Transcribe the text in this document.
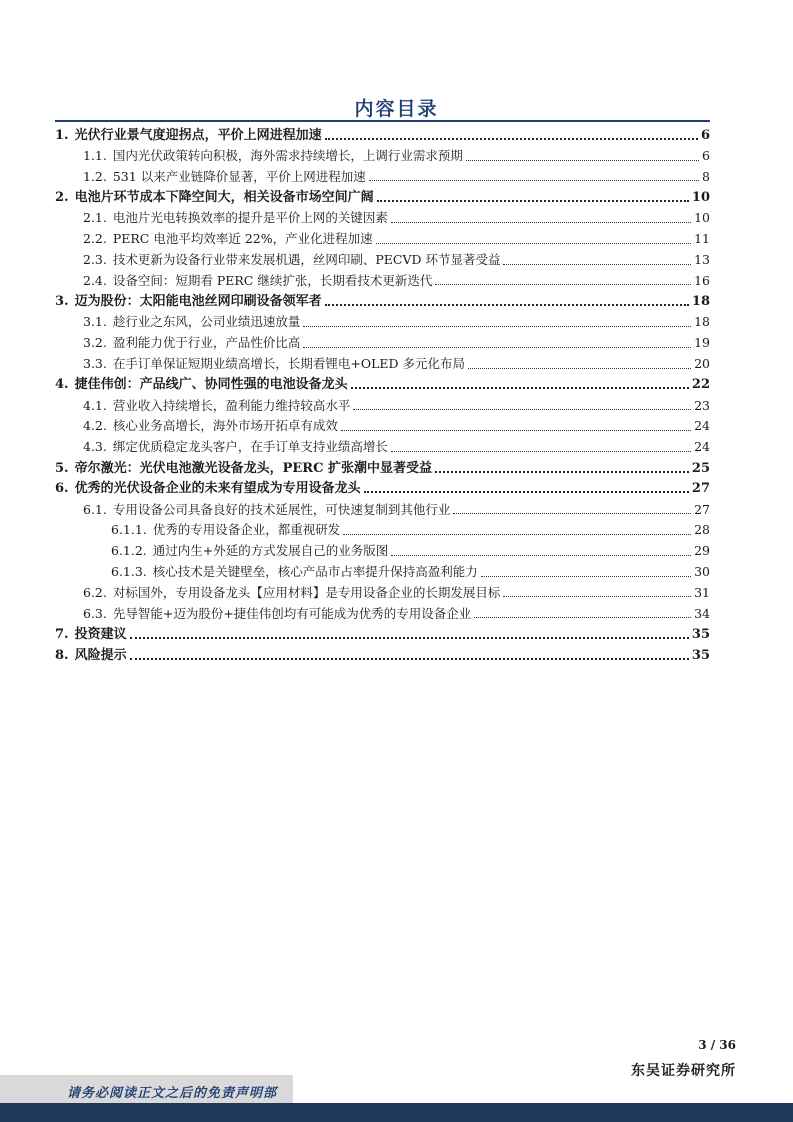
内容目录
1. 光伏行业景气度迎拐点，平价上网进程加速	6
1.1. 国内光伏政策转向积极，海外需求持续增长，上调行业需求预期	6
1.2. 531 以来产业链降价显著，平价上网进程加速	8
2. 电池片环节成本下降空间大，相关设备市场空间广阔	10
2.1. 电池片光电转换效率的提升是平价上网的关键因素	10
2.2. PERC 电池平均效率近 22%，产业化进程加速	11
2.3. 技术更新为设备行业带来发展机遇，丝网印刷、PECVD 环节显著受益	13
2.4. 设备空间：短期看 PERC 继续扩张，长期看技术更新迭代	16
3. 迈为股份：太阳能电池丝网印刷设备领军者	18
3.1. 趁行业之东风，公司业绩迅速放量	18
3.2. 盈利能力优于行业，产品性价比高	19
3.3. 在手订单保证短期业绩高增长，长期看锂电+OLED 多元化布局	20
4. 捷佳伟创：产品线广、协同性强的电池设备龙头	22
4.1. 营业收入持续增长，盈利能力维持较高水平	23
4.2. 核心业务高增长，海外市场开拓卓有成效	24
4.3. 绑定优质稳定龙头客户，在手订单支持业绩高增长	24
5. 帝尔激光：光伏电池激光设备龙头，PERC 扩张潮中显著受益	25
6. 优秀的光伏设备企业的未来有望成为专用设备龙头	27
6.1. 专用设备公司具备良好的技术延展性，可快速复制到其他行业	27
6.1.1. 优秀的专用设备企业，都重视研发	28
6.1.2. 通过内生+外延的方式发展自己的业务版图	29
6.1.3. 核心技术是关键壁垒，核心产品市占率提升保持高盈利能力	30
6.2. 对标国外，专用设备龙头【应用材料】是专用设备企业的长期发展目标	31
6.3. 先导智能+迈为股份+捷佳伟创均有可能成为优秀的专用设备企业	34
7. 投资建议	35
8. 风险提示	35
3 / 36
东吴证券研究所
请务必阅读正文之后的免责声明部
